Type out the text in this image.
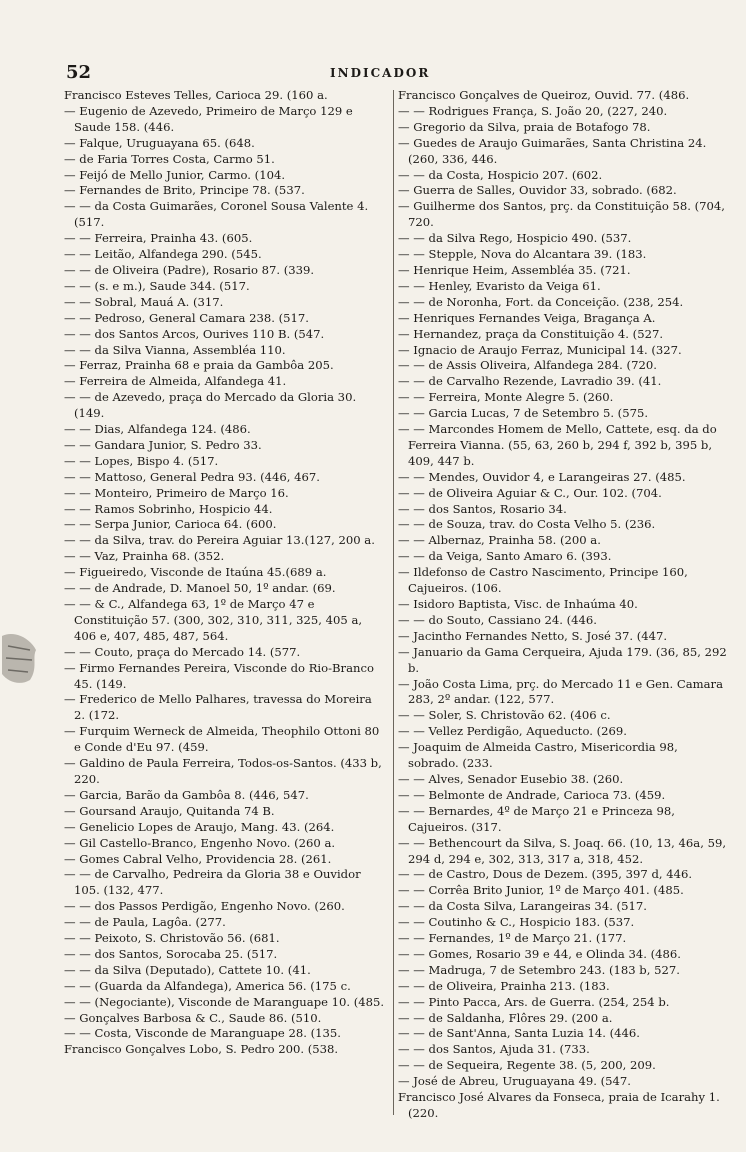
52	INDICADOR

Francisco Esteves Telles, Carioca 29. (160 a.

— Eugenio de Azevedo, Primeiro de Março 129 e Saude 158. (446.

— Falque, Uruguayana 65. (648.

— de Faria Torres Costa, Carmo 51.

— Feijó de Mello Junior, Carmo. (104.

— Fernandes de Brito, Principe 78. (537.

— — da Costa Guimarães, Coronel Sousa Valente 4. (517.

— — Ferreira, Prainha 43. (605.

— — Leitão, Alfandega 290. (545.

— — de Oliveira (Padre), Rosario 87. (339.

— — (s. e m.), Saude 344. (517.

— — Sobral, Mauá A. (317.

— — Pedroso, General Camara 238. (517.

— — dos Santos Arcos, Ourives 110 B. (547.

— — da Silva Vianna, Assembléa 110.

— Ferraz, Prainha 68 e praia da Gambôa 205.

— Ferreira de Almeida, Alfandega 41.

— — de Azevedo, praça do Mercado da Gloria 30. (149.

— — Dias, Alfandega 124. (486.

— — Gandara Junior, S. Pedro 33.

— — Lopes, Bispo 4. (517.

— — Mattoso, General Pedra 93. (446, 467.

— — Monteiro, Primeiro de Março 16.

— — Ramos Sobrinho, Hospicio 44.

— — Serpa Junior, Carioca 64. (600.

— — da Silva, trav. do Pereira Aguiar 13.(127, 200 a.

— — Vaz, Prainha 68. (352.

— Figueiredo, Visconde de Itaúna 45.(689 a.

— — de Andrade, D. Manoel 50, 1º andar. (69.

— — & C., Alfandega 63, 1º de Março 47 e Constituição 57. (300, 302, 310, 311, 325, 405 a, 406 e, 407, 485, 487, 564.

— — Couto, praça do Mercado 14. (577.

— Firmo Fernandes Pereira, Visconde do Rio-Branco 45. (149.

— Frederico de Mello Palhares, travessa do Moreira 2. (172.

— Furquim Werneck de Almeida, Theophilo Ottoni 80 e Conde d'Eu 97. (459.

— Galdino de Paula Ferreira, Todos-os-Santos. (433 b, 220.

— Garcia, Barão da Gambôa 8. (446, 547.

— Goursand Araujo, Quitanda 74 B.

— Genelicio Lopes de Araujo, Mang. 43. (264.

— Gil Castello-Branco, Engenho Novo. (260 a.

— Gomes Cabral Velho, Providencia 28. (261.

— — de Carvalho, Pedreira da Gloria 38 e Ouvidor 105. (132, 477.

— — dos Passos Perdigão, Engenho Novo. (260.

— — de Paula, Lagôa. (277.

— — Peixoto, S. Christovão 56. (681.

— — dos Santos, Sorocaba 25. (517.

— — da Silva (Deputado), Cattete 10. (41.

— — (Guarda da Alfandega), America 56. (175 c.

— — (Negociante), Visconde de Maranguape 10. (485.

— Gonçalves Barbosa & C., Saude 86. (510.

— — Costa, Visconde de Maranguape 28. (135.

Francisco Gonçalves Lobo, S. Pedro 200. (538.

Francisco Gonçalves de Queiroz, Ouvid. 77. (486.

— — Rodrigues França, S. João 20, (227, 240.

— Gregorio da Silva, praia de Botafogo 78.

— Guedes de Araujo Guimarães, Santa Christina 24. (260, 336, 446.

— — da Costa, Hospicio 207. (602.

— Guerra de Salles, Ouvidor 33, sobrado. (682.

— Guilherme dos Santos, prç. da Constituição 58. (704, 720.

— — da Silva Rego, Hospicio 490. (537.

— — Stepple, Nova do Alcantara 39. (183.

— Henrique Heim, Assembléa 35. (721.

— — Henley, Evaristo da Veiga 61.

— — de Noronha, Fort. da Conceição. (238, 254.

— Henriques Fernandes Veiga, Bragança A.

— Hernandez, praça da Constituição 4. (527.

— Ignacio de Araujo Ferraz, Municipal 14. (327.

— — de Assis Oliveira, Alfandega 284. (720.

— — de Carvalho Rezende, Lavradio 39. (41.

— — Ferreira, Monte Alegre 5. (260.

— — Garcia Lucas, 7 de Setembro 5. (575.

— — Marcondes Homem de Mello, Cattete, esq. da do Ferreira Vianna. (55, 63, 260 b, 294 f, 392 b, 395 b, 409, 447 b.

— — Mendes, Ouvidor 4, e Larangeiras 27. (485.

— — de Oliveira Aguiar & C., Our. 102. (704.

— — dos Santos, Rosario 34.

— — de Souza, trav. do Costa Velho 5. (236.

— — Albernaz, Prainha 58. (200 a.

— — da Veiga, Santo Amaro 6. (393.

— Ildefonso de Castro Nascimento, Principe 160, Cajueiros. (106.

— Isidoro Baptista, Visc. de Inhaúma 40.

— — do Souto, Cassiano 24. (446.

— Jacintho Fernandes Netto, S. José 37. (447.

— Januario da Gama Cerqueira, Ajuda 179. (36, 85, 292 b.

— João Costa Lima, prç. do Mercado 11 e Gen. Camara 283, 2º andar. (122, 577.

— — Soler, S. Christovão 62. (406 c.

— — Vellez Perdigão, Aqueducto. (269.

— Joaquim de Almeida Castro, Misericordia 98, sobrado. (233.

— — Alves, Senador Eusebio 38. (260.

— — Belmonte de Andrade, Carioca 73. (459.

— — Bernardes, 4º de Março 21 e Princeza 98, Cajueiros. (317.

— — Bethencourt da Silva, S. Joaq. 66. (10, 13, 46a, 59, 294 d, 294 e, 302, 313, 317 a, 318, 452.

— — de Castro, Dous de Dezem. (395, 397 d, 446.

— — Corrêa Brito Junior, 1º de Março 401. (485.

— — da Costa Silva, Larangeiras 34. (517.

— — Coutinho & C., Hospicio 183. (537.

— — Fernandes, 1º de Março 21. (177.

— — Gomes, Rosario 39 e 44, e Olinda 34. (486.

— — Madruga, 7 de Setembro 243. (183 b, 527.

— — de Oliveira, Prainha 213. (183.

— — Pinto Pacca, Ars. de Guerra. (254, 254 b.

— — de Saldanha, Flôres 29. (200 a.

— — de Sant'Anna, Santa Luzia 14. (446.

— — dos Santos, Ajuda 31. (733.

— — de Sequeira, Regente 38. (5, 200, 209.

— José de Abreu, Uruguayana 49. (547.

Francisco José Alvares da Fonseca, praia de Icarahy 1. (220.
